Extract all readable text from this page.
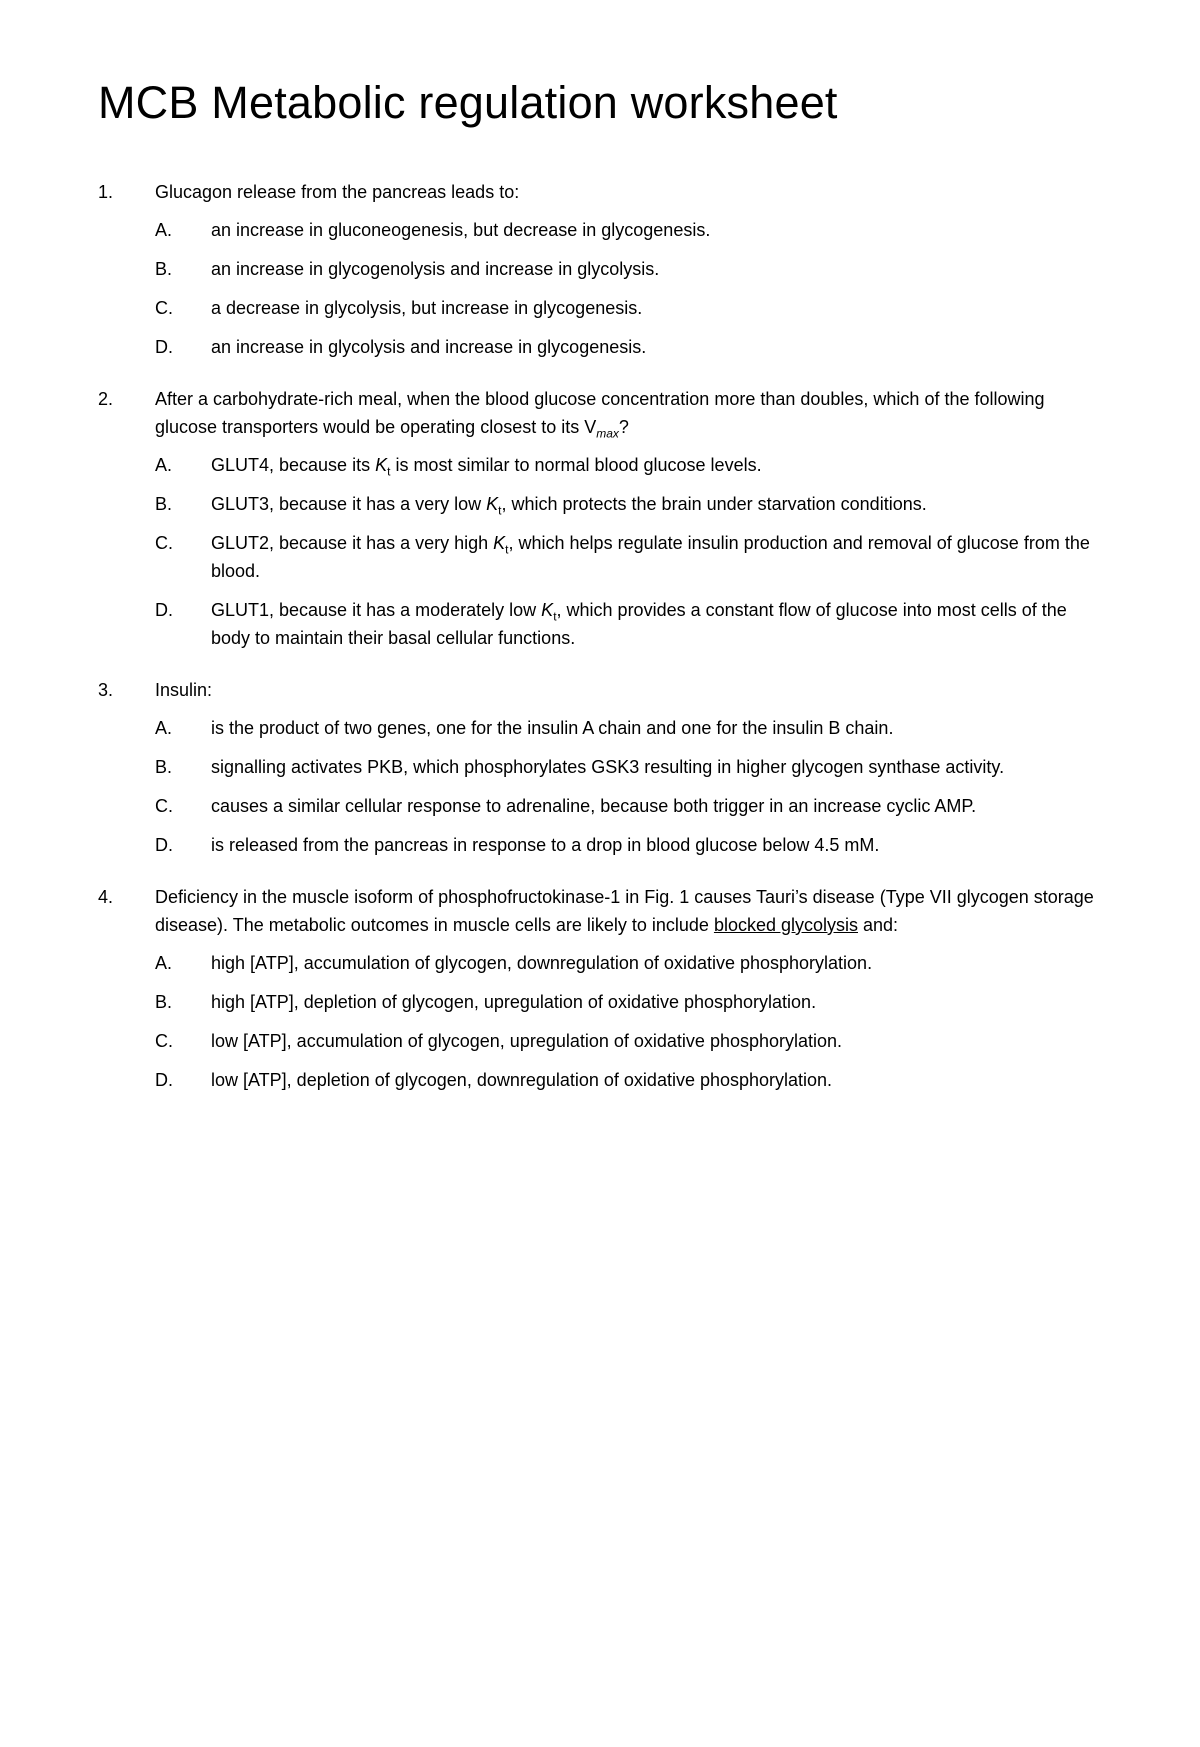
MCB Metabolic regulation worksheet
1. Glucagon release from the pancreas leads to:

A. an increase in gluconeogenesis, but decrease in glycogenesis.
B. an increase in glycogenolysis and increase in glycolysis.
C. a decrease in glycolysis, but increase in glycogenesis.
D. an increase in glycolysis and increase in glycogenesis.
2. After a carbohydrate-rich meal, when the blood glucose concentration more than doubles, which of the following glucose transporters would be operating closest to its $V_{max}$?

A. GLUT4, because its $K_t$ is most similar to normal blood glucose levels.
B. GLUT3, because it has a very low $K_t$, which protects the brain under starvation conditions.
C. GLUT2, because it has a very high $K_t$, which helps regulate insulin production and removal of glucose from the blood.
D. GLUT1, because it has a moderately low $K_t$, which provides a constant flow of glucose into most cells of the body to maintain their basal cellular functions.
3. Insulin:

A. is the product of two genes, one for the insulin A chain and one for the insulin B chain.
B. signalling activates PKB, which phosphorylates GSK3 resulting in higher glycogen synthase activity.
C. causes a similar cellular response to adrenaline, because both trigger in an increase cyclic AMP.
D. is released from the pancreas in response to a drop in blood glucose below 4.5 mM.
4. Deficiency in the muscle isoform of phosphofructokinase-1 in Fig. 1 causes Tauri’s disease (Type VII glycogen storage disease). The metabolic outcomes in muscle cells are likely to include blocked glycolysis and:

A. high [ATP], accumulation of glycogen, downregulation of oxidative phosphorylation.
B. high [ATP], depletion of glycogen, upregulation of oxidative phosphorylation.
C. low [ATP], accumulation of glycogen, upregulation of oxidative phosphorylation.
D. low [ATP], depletion of glycogen, downregulation of oxidative phosphorylation.
